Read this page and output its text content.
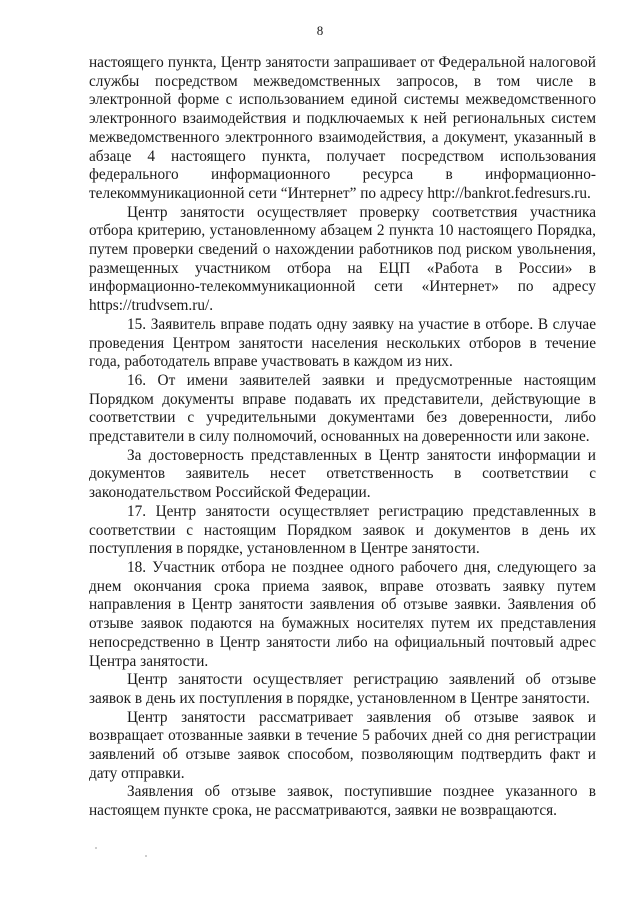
8

настоящего пункта, Центр занятости запрашивает от Федеральной налоговой службы посредством межведомственных запросов, в том числе в электронной форме с использованием единой системы межведомственного электронного взаимодействия и подключаемых к ней региональных систем межведомственного электронного взаимодействия, а документ, указанный в абзаце 4 настоящего пункта, получает посредством использования федерального информационного ресурса в информационно-телекоммуникационной сети “Интернет” по адресу http://bankrot.fedresurs.ru.

Центр занятости осуществляет проверку соответствия участника отбора критерию, установленному абзацем 2 пункта 10 настоящего Порядка, путем проверки сведений о нахождении работников под риском увольнения, размещенных участником отбора на ЕЦП «Работа в России» в информационно-телекоммуникационной сети «Интернет» по адресу https://trudvsem.ru/.

15. Заявитель вправе подать одну заявку на участие в отборе. В случае проведения Центром занятости населения нескольких отборов в течение года, работодатель вправе участвовать в каждом из них.

16. От имени заявителей заявки и предусмотренные настоящим Порядком документы вправе подавать их представители, действующие в соответствии с учредительными документами без доверенности, либо представители в силу полномочий, основанных на доверенности или законе.

За достоверность представленных в Центр занятости информации и документов заявитель несет ответственность в соответствии с законодательством Российской Федерации.

17. Центр занятости осуществляет регистрацию представленных в соответствии с настоящим Порядком заявок и документов в день их поступления в порядке, установленном в Центре занятости.

18. Участник отбора не позднее одного рабочего дня, следующего за днем окончания срока приема заявок, вправе отозвать заявку путем направления в Центр занятости заявления об отзыве заявки. Заявления об отзыве заявок подаются на бумажных носителях путем их представления непосредственно в Центр занятости либо на официальный почтовый адрес Центра занятости.

Центр занятости осуществляет регистрацию заявлений об отзыве заявок в день их поступления в порядке, установленном в Центре занятости.

Центр занятости рассматривает заявления об отзыве заявок и возвращает отозванные заявки в течение 5 рабочих дней со дня регистрации заявлений об отзыве заявок способом, позволяющим подтвердить факт и дату отправки.

Заявления об отзыве заявок, поступившие позднее указанного в настоящем пункте срока, не рассматриваются, заявки не возвращаются.
